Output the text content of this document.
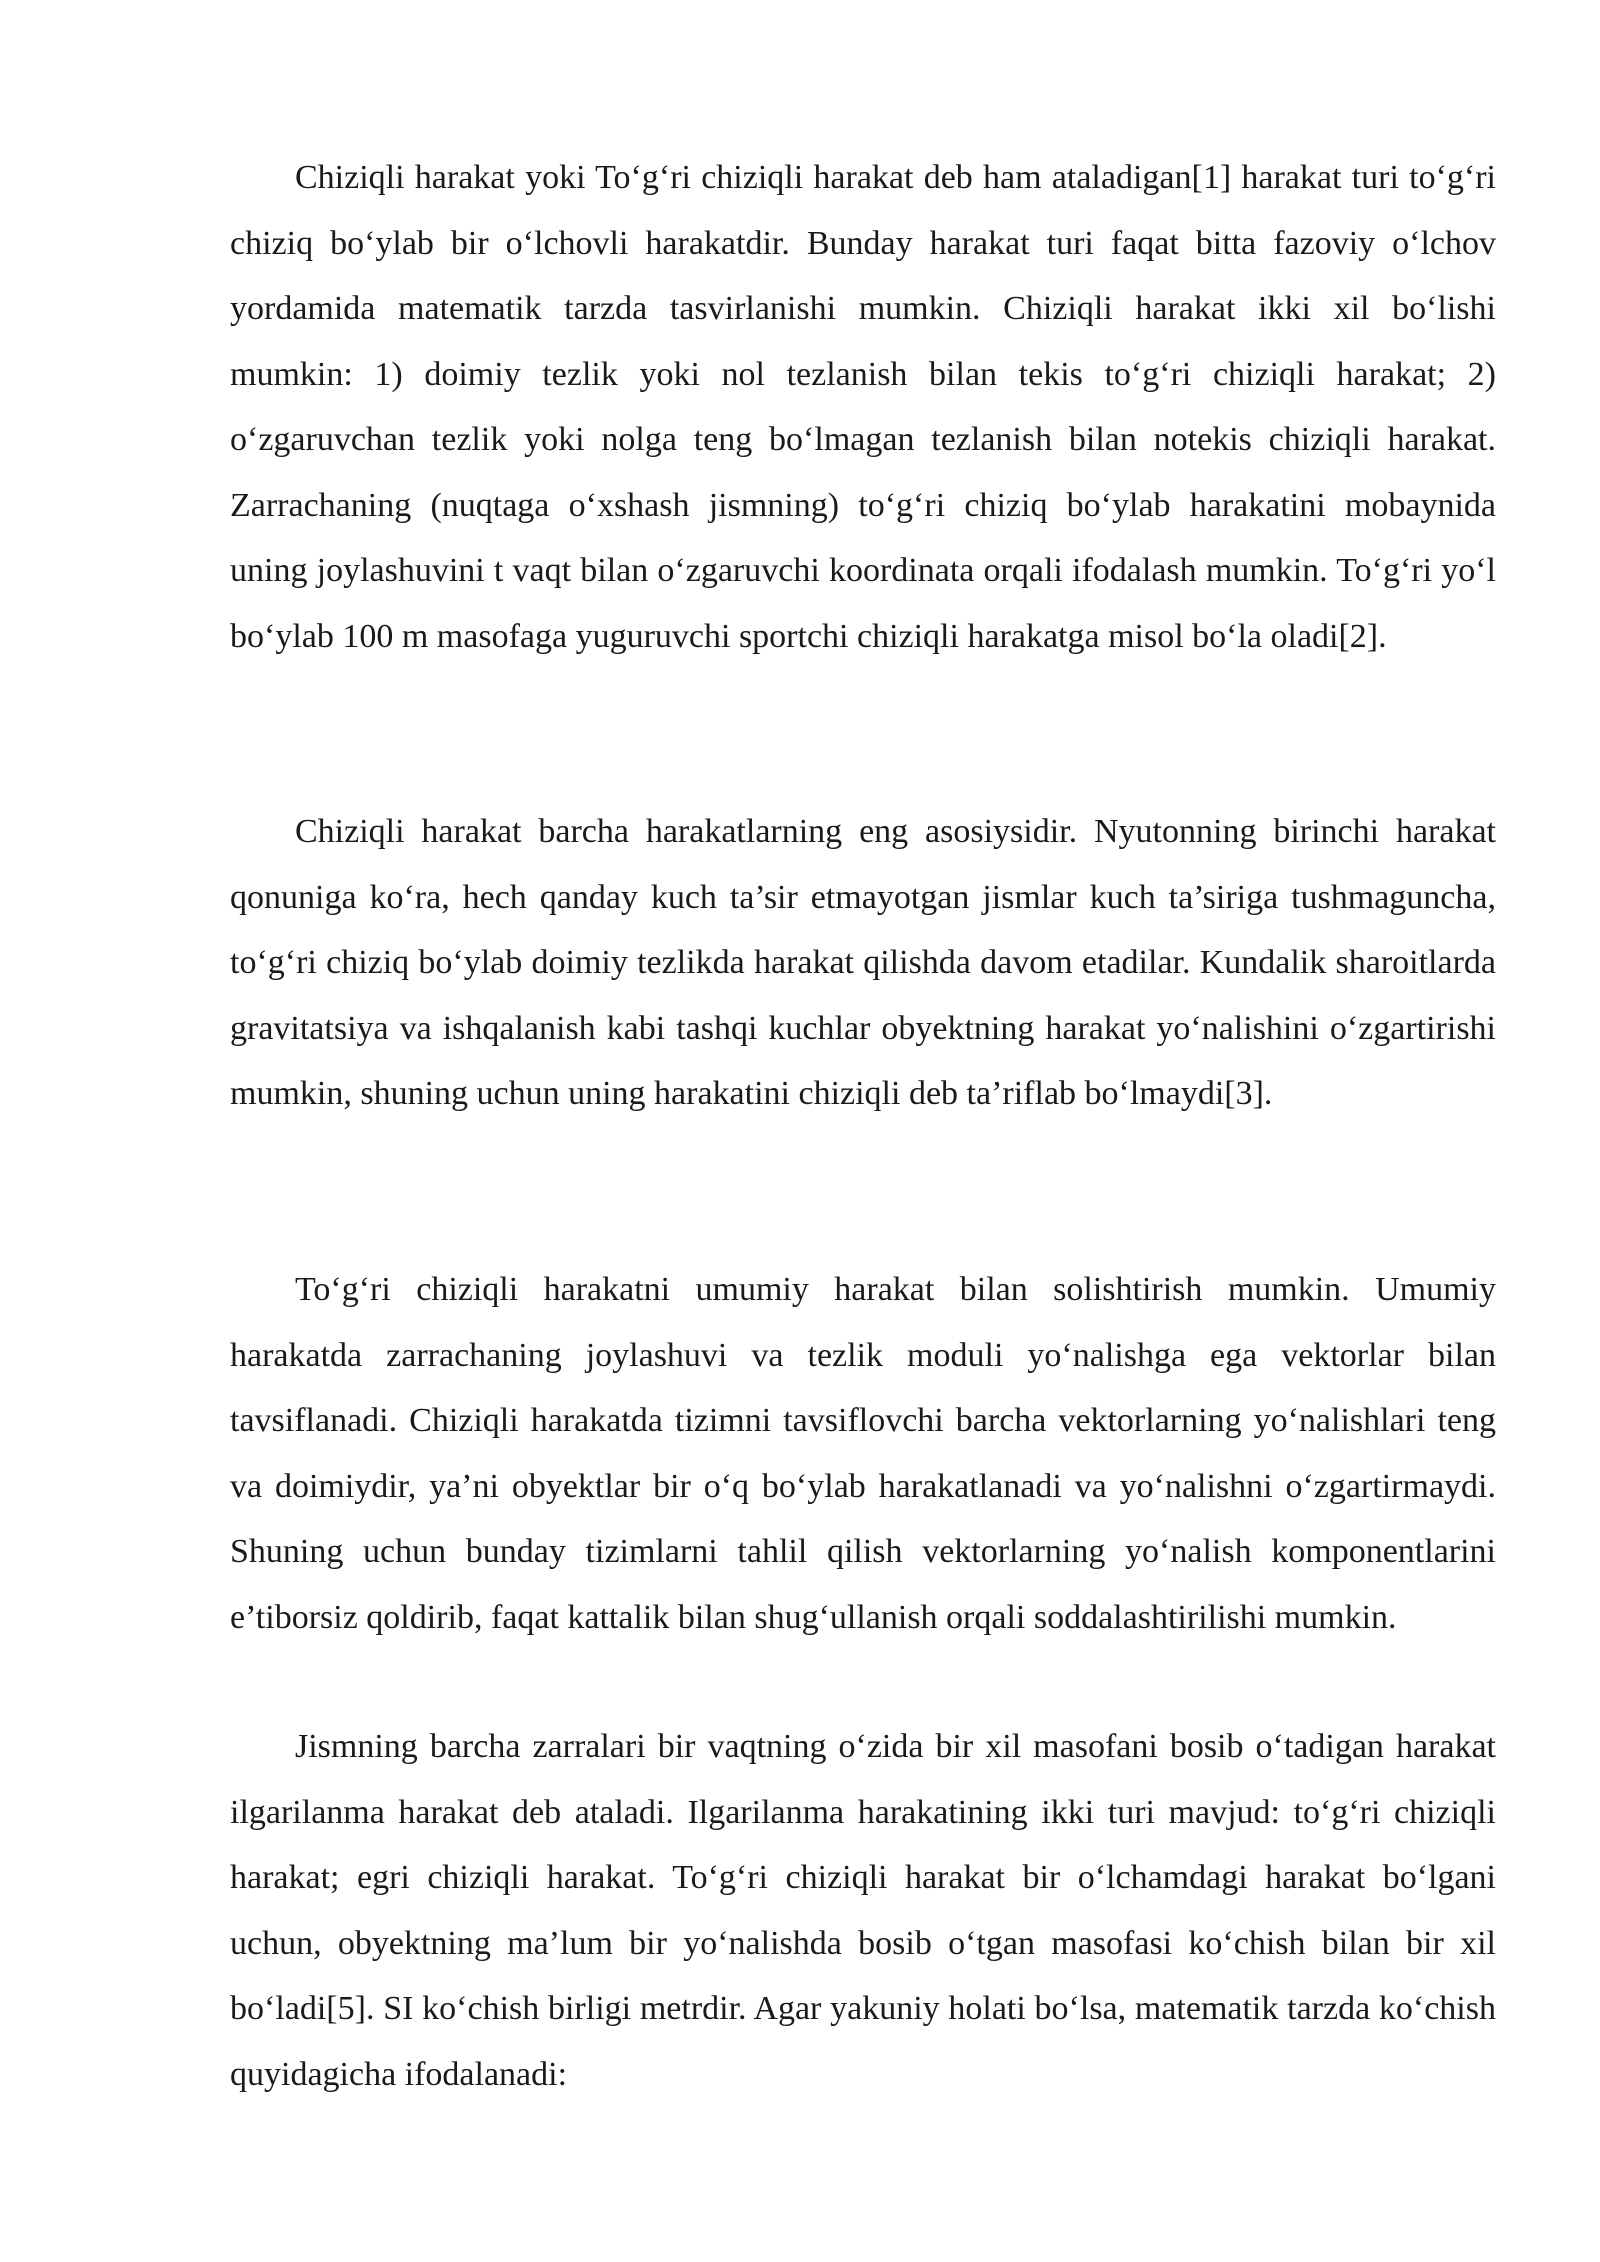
Chiziqli harakat yoki To‘g‘ri chiziqli harakat deb ham ataladigan[1] harakat turi to‘g‘ri chiziq bo‘ylab bir o‘lchovli harakatdir. Bunday harakat turi faqat bitta fazoviy o‘lchov yordamida matematik tarzda tasvirlanishi mumkin. Chiziqli harakat ikki xil bo‘lishi mumkin: 1) doimiy tezlik yoki nol tezlanish bilan tekis to‘g‘ri chiziqli harakat; 2) o‘zgaruvchan tezlik yoki nolga teng bo‘lmagan tezlanish bilan notekis chiziqli harakat. Zarrachaning (nuqtaga o‘xshash jismning) to‘g‘ri chiziq bo‘ylab harakatini mobaynida uning joylashuvini t vaqt bilan o‘zgaruvchi koordinata orqali ifodalash mumkin. To‘g‘ri yo‘l bo‘ylab 100 m masofaga yuguruvchi sportchi chiziqli harakatga misol bo‘la oladi[2].

Chiziqli harakat barcha harakatlarning eng asosiysidir. Nyutonning birinchi harakat qonuniga ko‘ra, hech qanday kuch ta’sir etmayotgan jismlar kuch ta’siriga tushmaguncha, to‘g‘ri chiziq bo‘ylab doimiy tezlikda harakat qilishda davom etadilar. Kundalik sharoitlarda gravitatsiya va ishqalanish kabi tashqi kuchlar obyektning harakat yo‘nalishini o‘zgartirishi mumkin, shuning uchun uning harakatini chiziqli deb ta’riflab bo‘lmaydi[3].

To‘g‘ri chiziqli harakatni umumiy harakat bilan solishtirish mumkin. Umumiy harakatda zarrachaning joylashuvi va tezlik moduli yo‘nalishga ega vektorlar bilan tavsiflanadi. Chiziqli harakatda tizimni tavsiflovchi barcha vektorlarning yo‘nalishlari teng va doimiydir, ya’ni obyektlar bir o‘q bo‘ylab harakatlanadi va yo‘nalishni o‘zgartirmaydi. Shuning uchun bunday tizimlarni tahlil qilish vektorlarning yo‘nalish komponentlarini e’tiborsiz qoldirib, faqat kattalik bilan shug‘ullanish orqali soddalashtirilishi mumkin.

Jismning barcha zarralari bir vaqtning o‘zida bir xil masofani bosib o‘tadigan harakat ilgarilanma harakat deb ataladi. Ilgarilanma harakatining ikki turi mavjud: to‘g‘ri chiziqli harakat; egri chiziqli harakat. To‘g‘ri chiziqli harakat bir o‘lchamdagi harakat bo‘lgani uchun, obyektning ma’lum bir yo‘nalishda bosib o‘tgan masofasi ko‘chish bilan bir xil bo‘ladi[5]. SI ko‘chish birligi metrdir. Agar yakuniy holati bo‘lsa, matematik tarzda ko‘chish quyidagicha ifodalanadi:
